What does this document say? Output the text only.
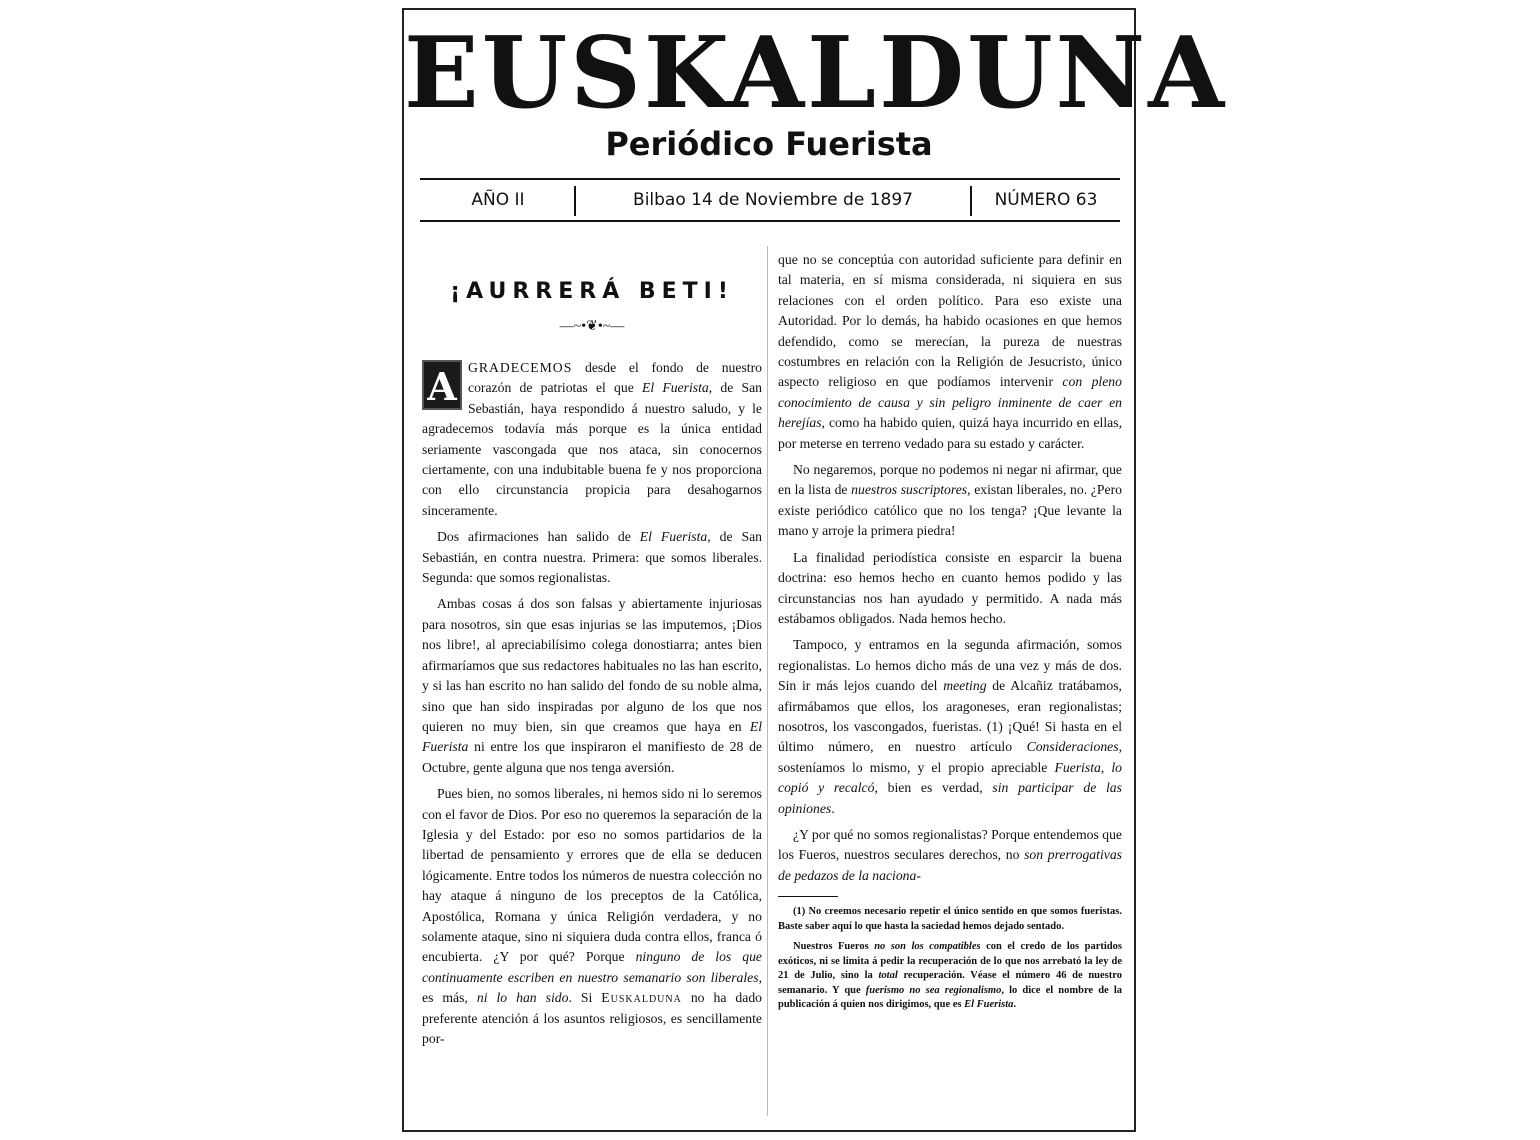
EUSKALDUNA
Periódico Fuerista
AÑO II	Bilbao 14 de Noviembre de 1897	NÚMERO 63
¡AURRERÁ BETI!
—~•❦•~—

A GRADECEMOS desde el fondo de nuestro corazón de patriotas el que El Fuerista, de San Sebastián, haya respondido á nuestro saludo, y le agradecemos todavía más porque es la única entidad seriamente vascongada que nos ataca, sin conocernos ciertamente, con una indubitable buena fe y nos proporciona con ello circunstancia propicia para desahogarnos sinceramente.

Dos afirmaciones han salido de El Fuerista, de San Sebastián, en contra nuestra. Primera: que somos liberales. Segunda: que somos regionalistas.

Ambas cosas á dos son falsas y abiertamente injuriosas para nosotros, sin que esas injurias se las imputemos, ¡Dios nos libre!, al apreciabilísimo colega donostiarra; antes bien afirmaríamos que sus redactores habituales no las han escrito, y si las han escrito no han salido del fondo de su noble alma, sino que han sido inspiradas por alguno de los que nos quieren no muy bien, sin que creamos que haya en El Fuerista ni entre los que inspiraron el manifiesto de 28 de Octubre, gente alguna que nos tenga aversión.

Pues bien, no somos liberales, ni hemos sido ni lo seremos con el favor de Dios. Por eso no queremos la separación de la Iglesia y del Estado: por eso no somos partidarios de la libertad de pensamiento y errores que de ella se deducen lógicamente. Entre todos los números de nuestra colección no hay ataque á ninguno de los preceptos de la Católica, Apostólica, Romana y única Religión verdadera, y no solamente ataque, sino ni siquiera duda contra ellos, franca ó encubierta. ¿Y por qué? Porque ninguno de los que continuamente escriben en nuestro semanario son liberales, es más, ni lo han sido. Si Euskalduna no ha dado preferente atención á los asuntos religiosos, es sencillamente por-

que no se conceptúa con autoridad suficiente para definir en tal materia, en sí misma considerada, ni siquiera en sus relaciones con el orden político. Para eso existe una Autoridad. Por lo demás, ha habido ocasiones en que hemos defendido, como se merecían, la pureza de nuestras costumbres en relación con la Religión de Jesucristo, único aspecto religioso en que podíamos intervenir con pleno conocimiento de causa y sin peligro inminente de caer en herejías, como ha habido quien, quizá haya incurrido en ellas, por meterse en terreno vedado para su estado y carácter.

No negaremos, porque no podemos ni negar ni afirmar, que en la lista de nuestros suscriptores, existan liberales, no. ¿Pero existe periódico católico que no los tenga? ¡Que levante la mano y arroje la primera piedra!

La finalidad periodística consiste en esparcir la buena doctrina: eso hemos hecho en cuanto hemos podido y las circunstancias nos han ayudado y permitido. A nada más estábamos obligados. Nada hemos hecho.

Tampoco, y entramos en la segunda afirmación, somos regionalistas. Lo hemos dicho más de una vez y más de dos. Sin ir más lejos cuando del meeting de Alcañiz tratábamos, afirmábamos que ellos, los aragoneses, eran regionalistas; nosotros, los vascongados, fueristas. (1) ¡Qué! Si hasta en el último número, en nuestro artículo Consideraciones, sosteníamos lo mismo, y el propio apreciable Fuerista, lo copió y recalcó, bien es verdad, sin participar de las opiniones.

¿Y por qué no somos regionalistas? Porque entendemos que los Fueros, nuestros seculares derechos, no son prerrogativas de pedazos de la naciona-

(1) No creemos necesario repetir el único sentido en que somos fueristas. Baste saber aquí lo que hasta la saciedad hemos dejado sentado.

Nuestros Fueros no son los compatibles con el credo de los partidos exóticos, ni se limita á pedir la recuperación de lo que nos arrebató la ley de 21 de Julio, sino la total recuperación. Véase el número 46 de nuestro semanario. Y que fuerismo no sea regionalismo, lo dice el nombre de la publicación á quien nos dirigimos, que es El Fuerista.
